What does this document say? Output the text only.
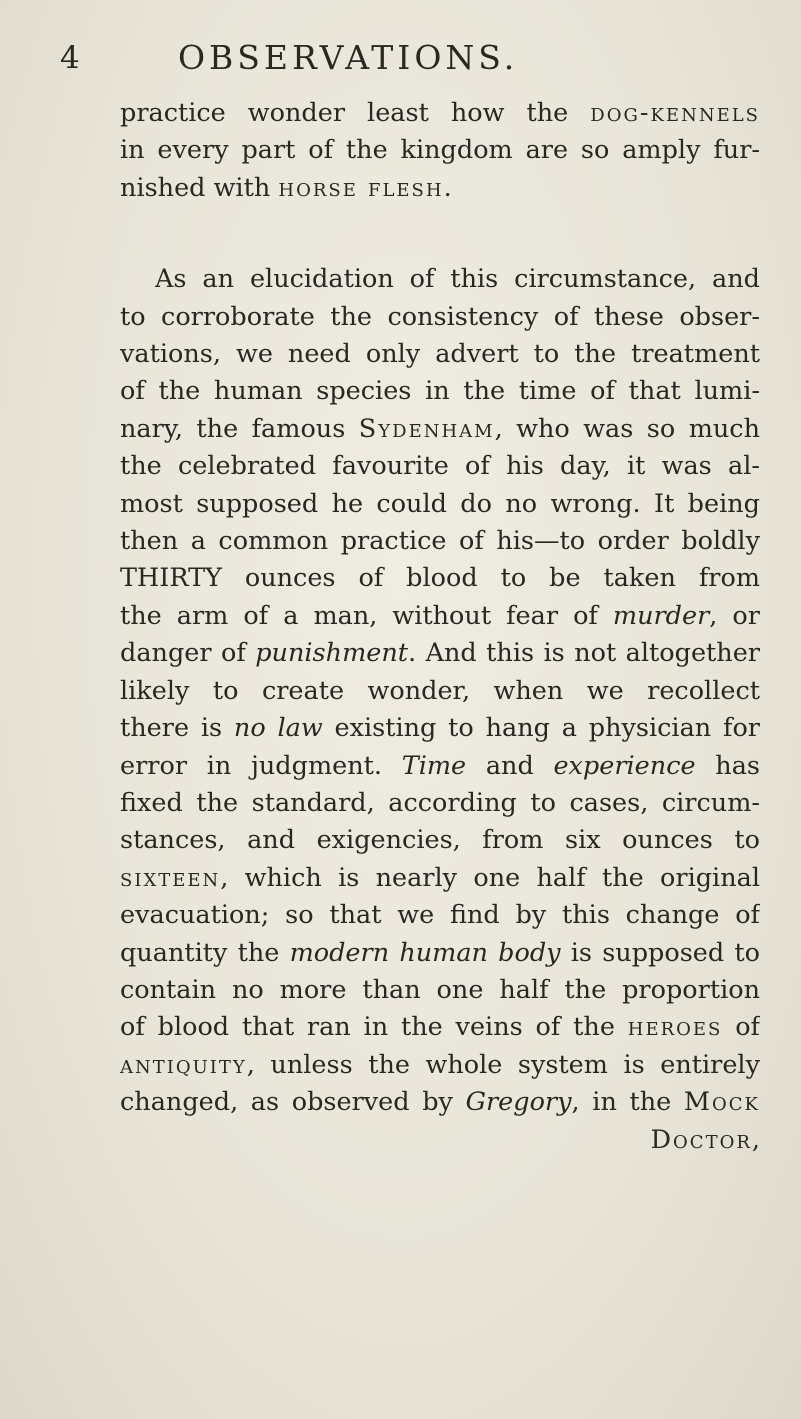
4	OBSERVATIONS.
practice wonder least how the dog-kennels
in every part of the kingdom are so amply fur-
nished with horse flesh.
As an elucidation of this circumstance, and
to corroborate the consistency of these obser-
vations, we need only advert to the treatment
of the human species in the time of that lumi-
nary, the famous Sydenham, who was so much
the celebrated favourite of his day, it was al-
most supposed he could do no wrong. It being
then a common practice of his—to order boldly
THIRTY ounces of blood to be taken from
the arm of a man, without fear of murder, or
danger of punishment. And this is not altogether
likely to create wonder, when we recollect
there is no law existing to hang a physician for
error in judgment. Time and experience has
fixed the standard, according to cases, circum-
stances, and exigencies, from six ounces to
sixteen, which is nearly one half the original
evacuation; so that we find by this change of
quantity the modern human body is supposed to
contain no more than one half the proportion
of blood that ran in the veins of the heroes of
antiquity, unless the whole system is entirely
changed, as observed by Gregory, in the Mock
Doctor,
